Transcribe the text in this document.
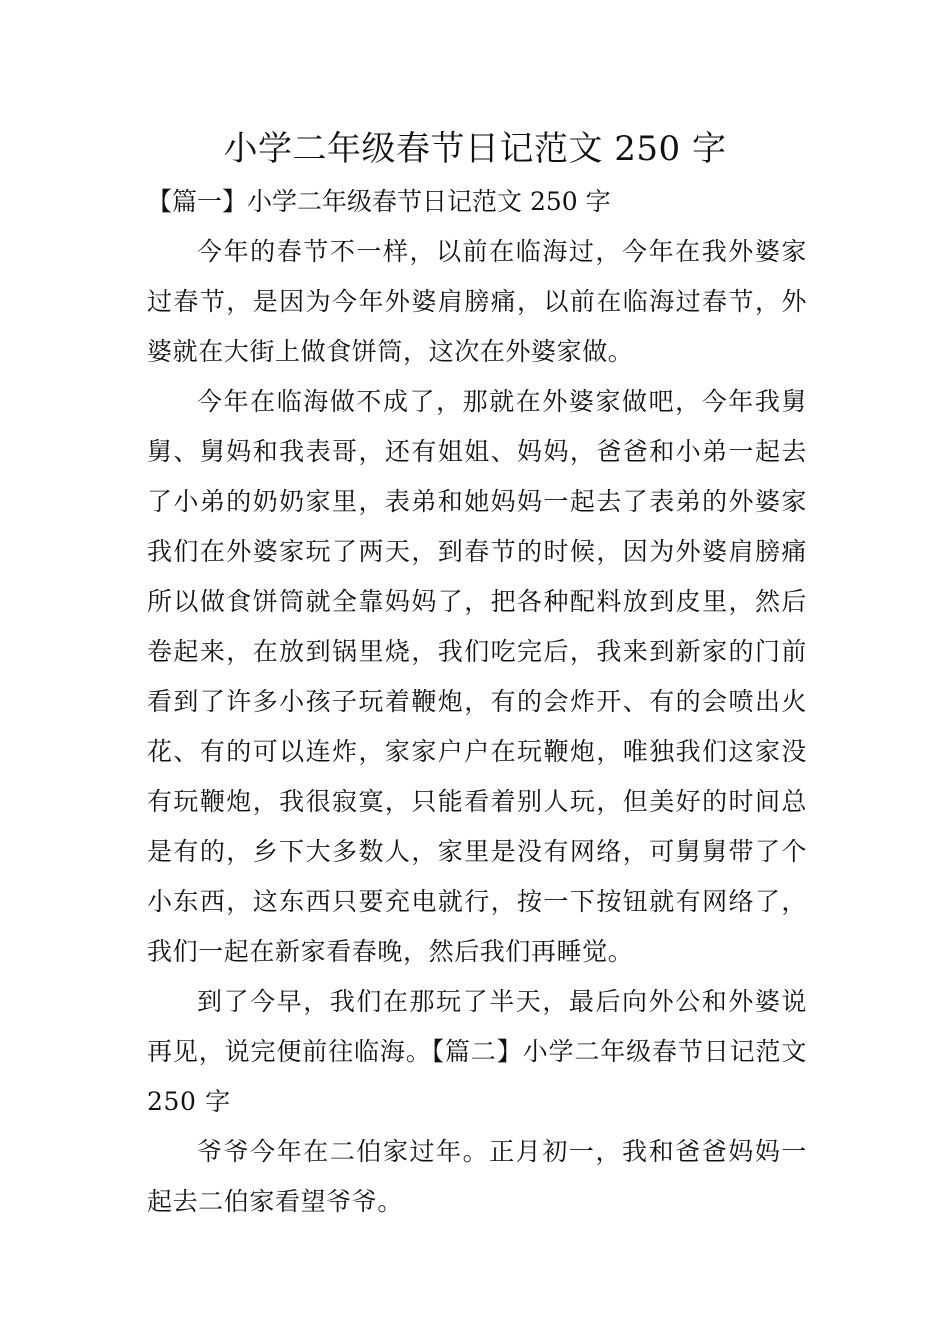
小学二年级春节日记范文 250 字

【篇一】小学二年级春节日记范文 250 字

今年的春节不一样，以前在临海过，今年在我外婆家过春节，是因为今年外婆肩膀痛，以前在临海过春节，外婆就在大街上做食饼筒，这次在外婆家做。

今年在临海做不成了，那就在外婆家做吧，今年我舅舅、舅妈和我表哥，还有姐姐、妈妈，爸爸和小弟一起去了小弟的奶奶家里，表弟和她妈妈一起去了表弟的外婆家我们在外婆家玩了两天，到春节的时候，因为外婆肩膀痛所以做食饼筒就全靠妈妈了，把各种配料放到皮里，然后卷起来，在放到锅里烧，我们吃完后，我来到新家的门前看到了许多小孩子玩着鞭炮，有的会炸开、有的会喷出火花、有的可以连炸，家家户户在玩鞭炮，唯独我们这家没有玩鞭炮，我很寂寞，只能看着别人玩，但美好的时间总是有的，乡下大多数人，家里是没有网络，可舅舅带了个小东西，这东西只要充电就行，按一下按钮就有网络了，我们一起在新家看春晚，然后我们再睡觉。

到了今早，我们在那玩了半天，最后向外公和外婆说再见，说完便前往临海。【篇二】小学二年级春节日记范文 250 字

爷爷今年在二伯家过年。正月初一，我和爸爸妈妈一起去二伯家看望爷爷。
